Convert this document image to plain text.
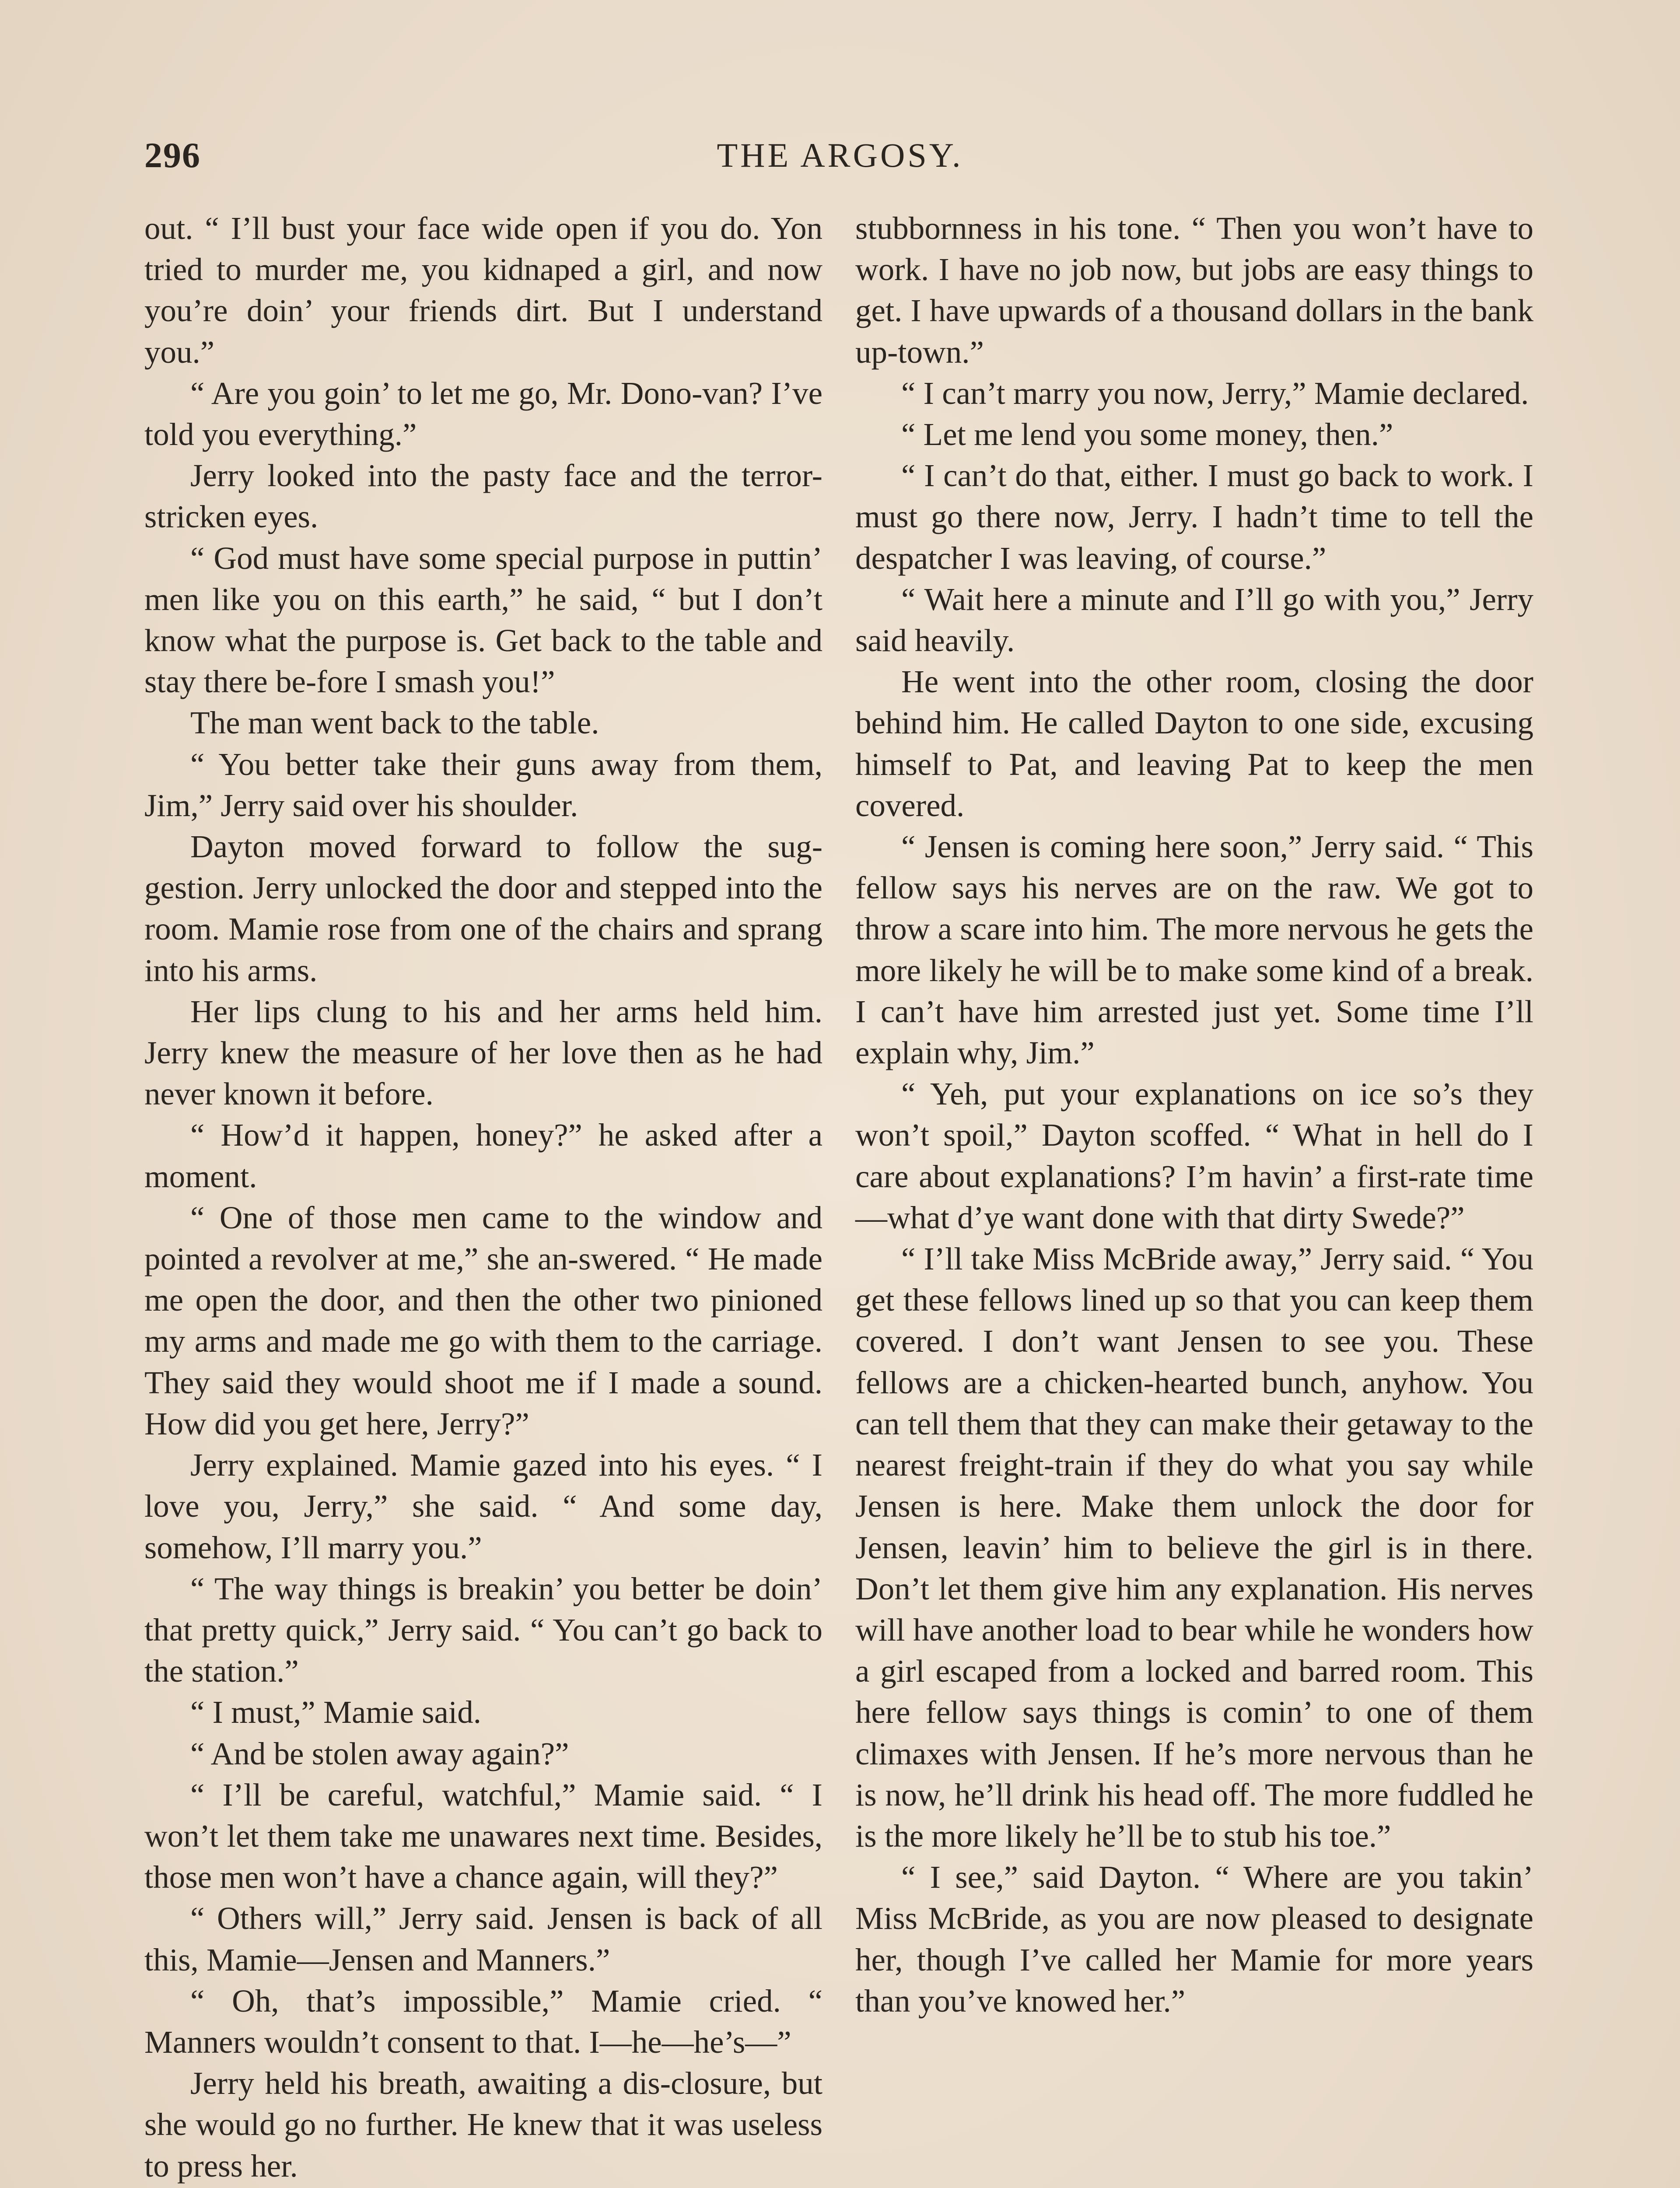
296	THE ARGOSY.

out. “ I’ll bust your face wide open if you do. Yon tried to murder me, you kidnaped a girl, and now you’re doin’ your friends dirt. But I understand you.”

“ Are you goin’ to let me go, Mr. Dono-van? I’ve told you everything.”

Jerry looked into the pasty face and the terror-stricken eyes.

“ God must have some special purpose in puttin’ men like you on this earth,” he said, “ but I don’t know what the purpose is. Get back to the table and stay there be-fore I smash you!”

The man went back to the table.

“ You better take their guns away from them, Jim,” Jerry said over his shoulder.

Dayton moved forward to follow the sug-gestion. Jerry unlocked the door and stepped into the room. Mamie rose from one of the chairs and sprang into his arms.

Her lips clung to his and her arms held him. Jerry knew the measure of her love then as he had never known it before.

“ How’d it happen, honey?” he asked after a moment.

“ One of those men came to the window and pointed a revolver at me,” she an-swered. “ He made me open the door, and then the other two pinioned my arms and made me go with them to the carriage. They said they would shoot me if I made a sound. How did you get here, Jerry?”

Jerry explained. Mamie gazed into his eyes. “ I love you, Jerry,” she said. “ And some day, somehow, I’ll marry you.”

“ The way things is breakin’ you better be doin’ that pretty quick,” Jerry said. “ You can’t go back to the station.”

“ I must,” Mamie said.

“ And be stolen away again?”

“ I’ll be careful, watchful,” Mamie said. “ I won’t let them take me unawares next time. Besides, those men won’t have a chance again, will they?”

“ Others will,” Jerry said. Jensen is back of all this, Mamie—Jensen and Manners.”

“ Oh, that’s impossible,” Mamie cried. “ Manners wouldn’t consent to that. I—he—he’s—”

Jerry held his breath, awaiting a dis-closure, but she would go no further. He knew that it was useless to press her.

stubbornness in his tone. “ Then you won’t have to work. I have no job now, but jobs are easy things to get. I have upwards of a thousand dollars in the bank up-town.”

“ I can’t marry you now, Jerry,” Mamie declared.

“ Let me lend you some money, then.”

“ I can’t do that, either. I must go back to work. I must go there now, Jerry. I hadn’t time to tell the despatcher I was leaving, of course.”

“ Wait here a minute and I’ll go with you,” Jerry said heavily.

He went into the other room, closing the door behind him. He called Dayton to one side, excusing himself to Pat, and leaving Pat to keep the men covered.

“ Jensen is coming here soon,” Jerry said. “ This fellow says his nerves are on the raw. We got to throw a scare into him. The more nervous he gets the more likely he will be to make some kind of a break. I can’t have him arrested just yet. Some time I’ll explain why, Jim.”

“ Yeh, put your explanations on ice so’s they won’t spoil,” Dayton scoffed. “ What in hell do I care about explanations? I’m havin’ a first-rate time—what d’ye want done with that dirty Swede?”

“ I’ll take Miss McBride away,” Jerry said. “ You get these fellows lined up so that you can keep them covered. I don’t want Jensen to see you. These fellows are a chicken-hearted bunch, anyhow. You can tell them that they can make their getaway to the nearest freight-train if they do what you say while Jensen is here. Make them unlock the door for Jensen, leavin’ him to believe the girl is in there. Don’t let them give him any explanation. His nerves will have another load to bear while he wonders how a girl escaped from a locked and barred room. This here fellow says things is comin’ to one of them climaxes with Jensen. If he’s more nervous than he is now, he’ll drink his head off. The more fuddled he is the more likely he’ll be to stub his toe.”

“ I see,” said Dayton. “ Where are you takin’ Miss McBride, as you are now pleased to designate her, though I’ve called her Mamie for more years than you’ve knowed her.”
